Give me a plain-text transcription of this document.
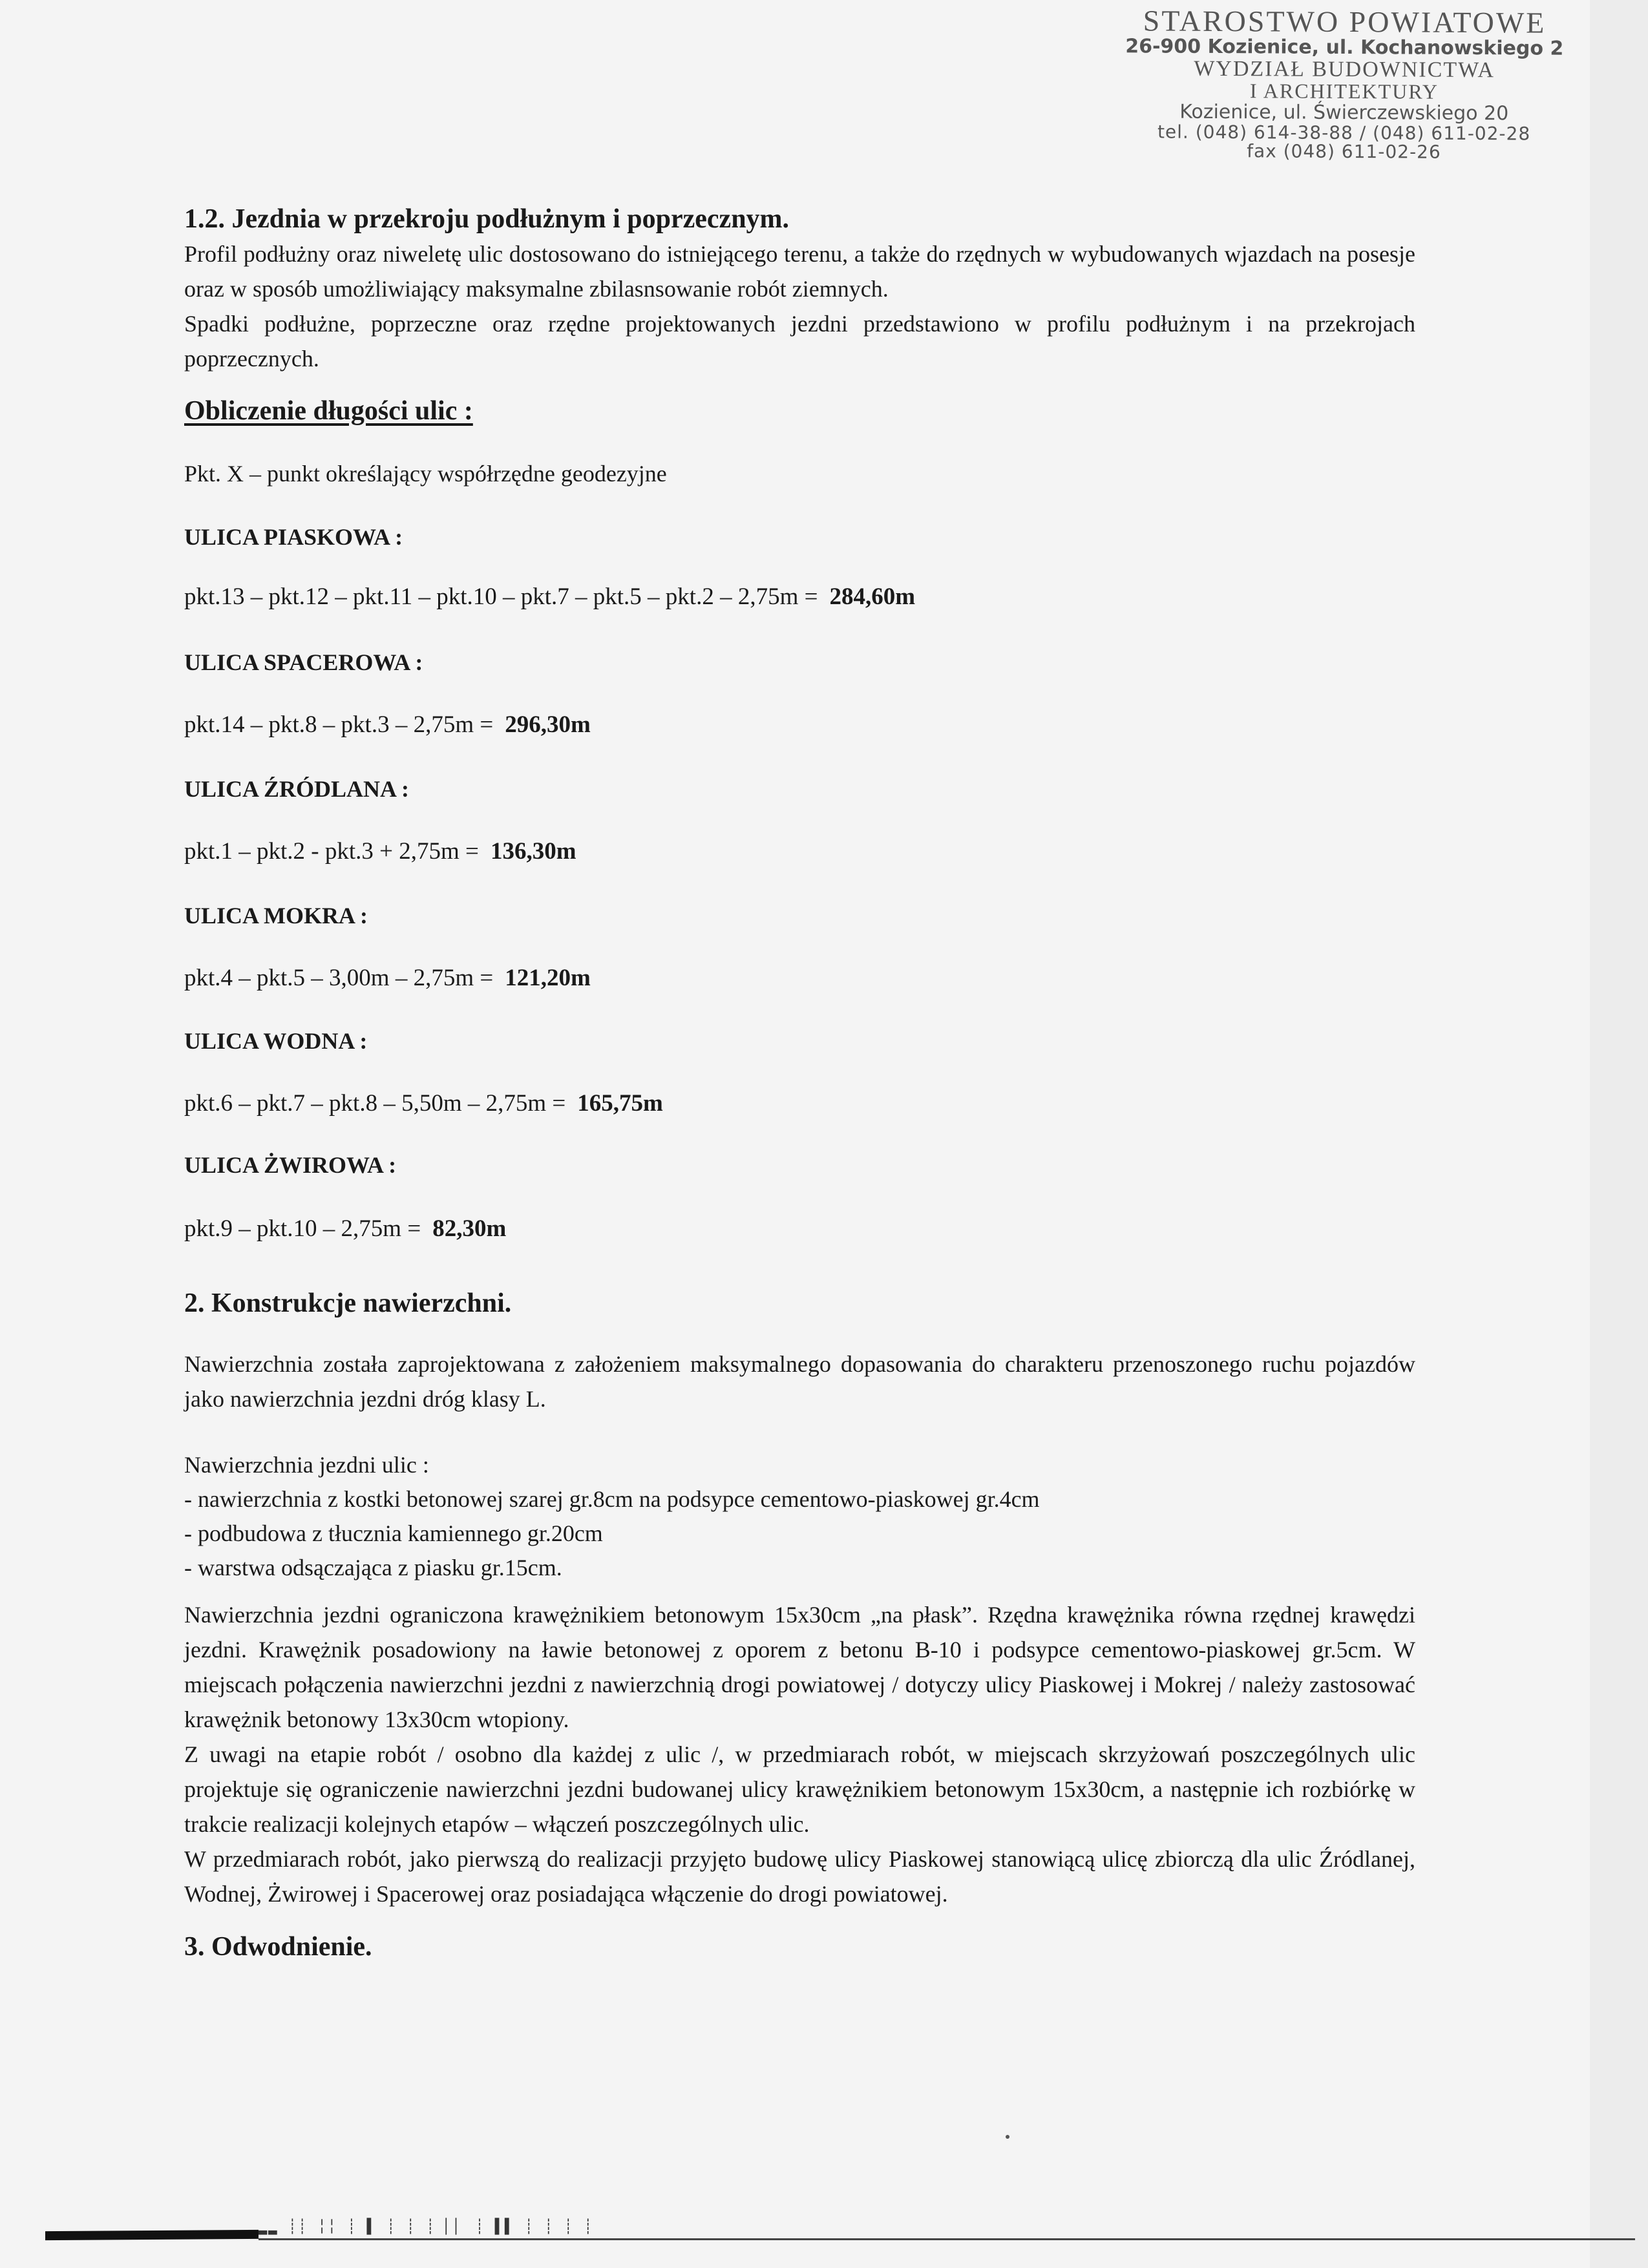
STAROSTWO POWIATOWE
26-900 Kozienice, ul. Kochanowskiego 2
WYDZIAŁ BUDOWNICTWA
I ARCHITEKTURY
Kozienice, ul. Świerczewskiego 20
tel. (048) 614-38-88 / (048) 611-02-28
fax (048) 611-02-26

1.2. Jezdnia w przekroju podłużnym i poprzecznym.

Profil podłużny oraz niweletę ulic dostosowano do istniejącego terenu, a także do rzędnych w wybudowanych wjazdach na posesje oraz w sposób umożliwiający maksymalne zbilasnsowanie robót ziemnych.

Spadki podłużne, poprzeczne oraz rzędne projektowanych jezdni przedstawiono w profilu podłużnym i na przekrojach poprzecznych.

Obliczenie długości ulic :

Pkt. X – punkt określający współrzędne geodezyjne

ULICA PIASKOWA :

pkt.13 – pkt.12 – pkt.11 – pkt.10 – pkt.7 – pkt.5 – pkt.2 – 2,75m = 284,60m

ULICA SPACEROWA :

pkt.14 – pkt.8 – pkt.3 – 2,75m = 296,30m

ULICA ŹRÓDLANA :

pkt.1 – pkt.2 - pkt.3 + 2,75m = 136,30m

ULICA MOKRA :

pkt.4 – pkt.5 – 3,00m – 2,75m = 121,20m

ULICA WODNA :

pkt.6 – pkt.7 – pkt.8 – 5,50m – 2,75m = 165,75m

ULICA ŻWIROWA :

pkt.9 – pkt.10 – 2,75m = 82,30m

2. Konstrukcje nawierzchni.

Nawierzchnia została zaprojektowana z założeniem maksymalnego dopasowania do charakteru przenoszonego ruchu pojazdów jako nawierzchnia jezdni dróg klasy L.

Nawierzchnia jezdni ulic :

- nawierzchnia z kostki betonowej szarej gr.8cm na podsypce cementowo-piaskowej gr.4cm
- podbudowa z tłucznia kamiennego gr.20cm
- warstwa odsączająca z piasku gr.15cm.

Nawierzchnia jezdni ograniczona krawężnikiem betonowym 15x30cm „na płask”. Rzędna krawężnika równa rzędnej krawędzi jezdni. Krawężnik posadowiony na ławie betonowej z oporem z betonu B-10 i podsypce cementowo-piaskowej gr.5cm. W miejscach połączenia nawierzchni jezdni z nawierzchnią drogi powiatowej / dotyczy ulicy Piaskowej i Mokrej / należy zastosować krawężnik betonowy 13x30cm wtopiony.

Z uwagi na etapie robót / osobno dla każdej z ulic /, w przedmiarach robót, w miejscach skrzyżowań poszczególnych ulic projektuje się ograniczenie nawierzchni jezdni budowanej ulicy krawężnikiem betonowym 15x30cm, a następnie ich rozbiórkę w trakcie realizacji kolejnych etapów – włączeń poszczególnych ulic.

W przedmiarach robót, jako pierwszą do realizacji przyjęto budowę ulicy Piaskowej stanowiącą ulicę zbiorczą dla ulic Źródlanej, Wodnej, Żwirowej i Spacerowej oraz posiadająca włączenie do drogi powiatowej.

3. Odwodnienie.

▂▂ ┊┊ ╎╎ ┊ ▌ ┊ ┊ ┊ ▏▏ ┊ ▌▌ ┊ ┊ ┊ ┊
